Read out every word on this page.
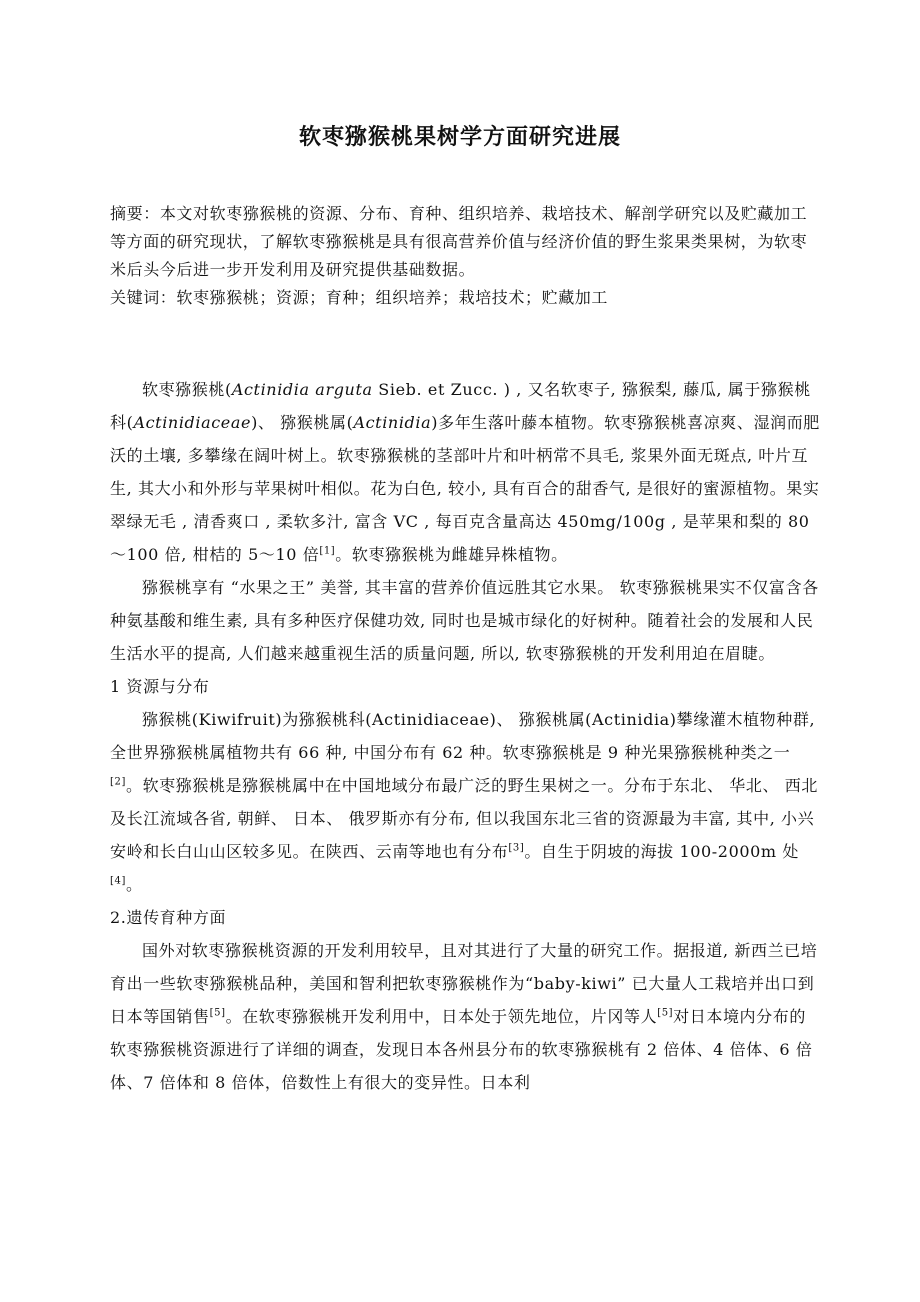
软枣猕猴桃果树学方面研究进展

摘要：本文对软枣猕猴桃的资源、分布、育种、组织培养、栽培技术、解剖学研究以及贮藏加工等方面的研究现状，了解软枣猕猴桃是具有很高营养价值与经济价值的野生浆果类果树，为软枣米后头今后进一步开发利用及研究提供基础数据。

关键词：软枣猕猴桃；资源；育种；组织培养；栽培技术；贮藏加工

软枣猕猴桃(Actinidia arguta Sieb. et Zucc. ) , 又名软枣子, 猕猴梨, 藤瓜, 属于猕猴桃科(Actinidiaceae)、 猕猴桃属(Actinidia)多年生落叶藤本植物。软枣猕猴桃喜凉爽、湿润而肥沃的土壤, 多攀缘在阔叶树上。软枣猕猴桃的茎部叶片和叶柄常不具毛, 浆果外面无斑点, 叶片互生, 其大小和外形与苹果树叶相似。花为白色, 较小, 具有百合的甜香气, 是很好的蜜源植物。果实翠绿无毛 , 清香爽口 , 柔软多汁, 富含 VC , 每百克含量高达 450mg/100g , 是苹果和梨的 80～100 倍, 柑桔的 5～10 倍[1]。软枣猕猴桃为雌雄异株植物。

猕猴桃享有 “水果之王” 美誉, 其丰富的营养价值远胜其它水果。 软枣猕猴桃果实不仅富含各种氨基酸和维生素, 具有多种医疗保健功效, 同时也是城市绿化的好树种。随着社会的发展和人民生活水平的提高, 人们越来越重视生活的质量问题, 所以, 软枣猕猴桃的开发利用迫在眉睫。

1 资源与分布

猕猴桃(Kiwifruit)为猕猴桃科(Actinidiaceae)、 猕猴桃属(Actinidia)攀缘灌木植物种群, 全世界猕猴桃属植物共有 66 种, 中国分布有 62 种。软枣猕猴桃是 9 种光果猕猴桃种类之一[2]。软枣猕猴桃是猕猴桃属中在中国地域分布最广泛的野生果树之一。分布于东北、 华北、 西北及长江流域各省, 朝鲜、 日本、 俄罗斯亦有分布, 但以我国东北三省的资源最为丰富, 其中, 小兴安岭和长白山山区较多见。在陕西、云南等地也有分布[3]。自生于阴坡的海拔 100-2000m 处[4]。

2.遗传育种方面

国外对软枣猕猴桃资源的开发利用较早，且对其进行了大量的研究工作。据报道, 新西兰已培育出一些软枣猕猴桃品种，美国和智利把软枣猕猴桃作为“baby-kiwi” 已大量人工栽培并出口到日本等国销售[5]。在软枣猕猴桃开发利用中，日本处于领先地位，片冈等人[5]对日本境内分布的软枣猕猴桃资源进行了详细的调查，发现日本各州县分布的软枣猕猴桃有 2 倍体、4 倍体、6 倍体、7 倍体和 8 倍体，倍数性上有很大的变异性。日本利
